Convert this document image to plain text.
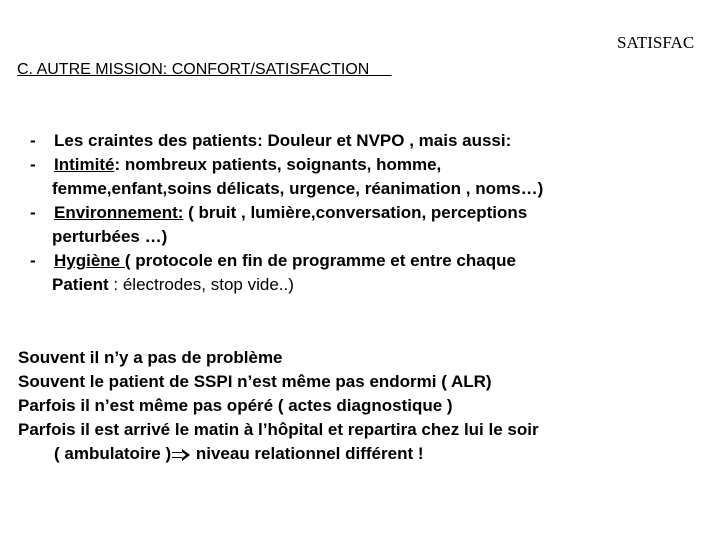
SATISFAC
C. AUTRE MISSION: CONFORT/SATISFACTION
- Les craintes des patients: Douleur et NVPO , mais aussi:
- Intimité: nombreux patients, soignants, homme,
femme,enfant,soins délicats, urgence, réanimation , noms…)
- Environnement: ( bruit , lumière,conversation, perceptions
perturbées …)
- Hygiène ( protocole en fin de programme et entre chaque
Patient : électrodes, stop vide..)
Souvent il n’y a pas de problème
Souvent le patient de SSPI n’est même pas endormi ( ALR)
Parfois il n’est même pas opéré ( actes diagnostique )
Parfois il est arrivé le matin à l’hôpital et repartira chez lui le soir
( ambulatoire )
niveau relationnel différent !
